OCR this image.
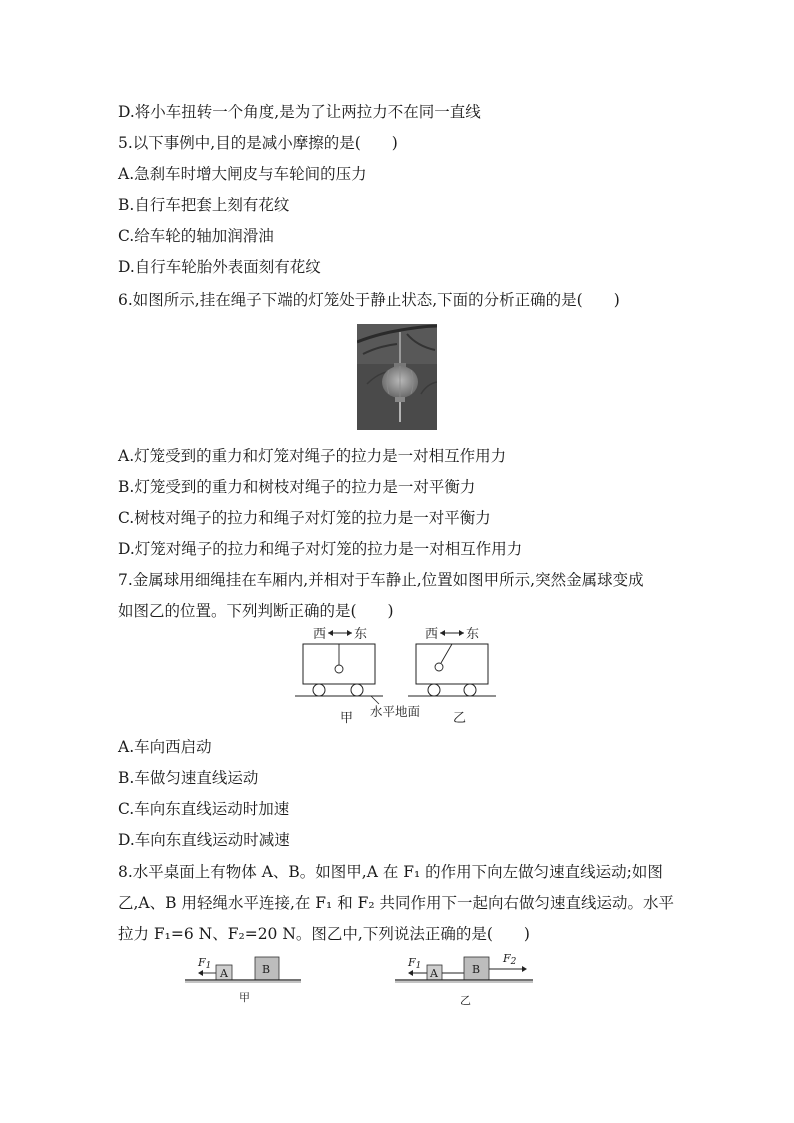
D.将小车扭转一个角度,是为了让两拉力不在同一直线
5.以下事例中,目的是减小摩擦的是(　　)
A.急刹车时增大闸皮与车轮间的压力
B.自行车把套上刻有花纹
C.给车轮的轴加润滑油
D.自行车轮胎外表面刻有花纹
6.如图所示,挂在绳子下端的灯笼处于静止状态,下面的分析正确的是(　　)
A.灯笼受到的重力和灯笼对绳子的拉力是一对相互作用力
B.灯笼受到的重力和树枝对绳子的拉力是一对平衡力
C.树枝对绳子的拉力和绳子对灯笼的拉力是一对平衡力
D.灯笼对绳子的拉力和绳子对灯笼的拉力是一对相互作用力
7.金属球用细绳挂在车厢内,并相对于车静止,位置如图甲所示,突然金属球变成
如图乙的位置。下列判断正确的是(　　)
西 东
甲
西 东
乙
水平地面
A.车向西启动
B.车做匀速直线运动
C.车向东直线运动时加速
D.车向东直线运动时减速
8.水平桌面上有物体 A、B。如图甲,A 在 F₁ 的作用下向左做匀速直线运动;如图
乙,A、B 用轻绳水平连接,在 F₁ 和 F₂ 共同作用下一起向右做匀速直线运动。水平
拉力 F₁=6 N、F₂=20 N。图乙中,下列说法正确的是(　　)
F1
A	B
甲
F1
A	B
F2
乙
